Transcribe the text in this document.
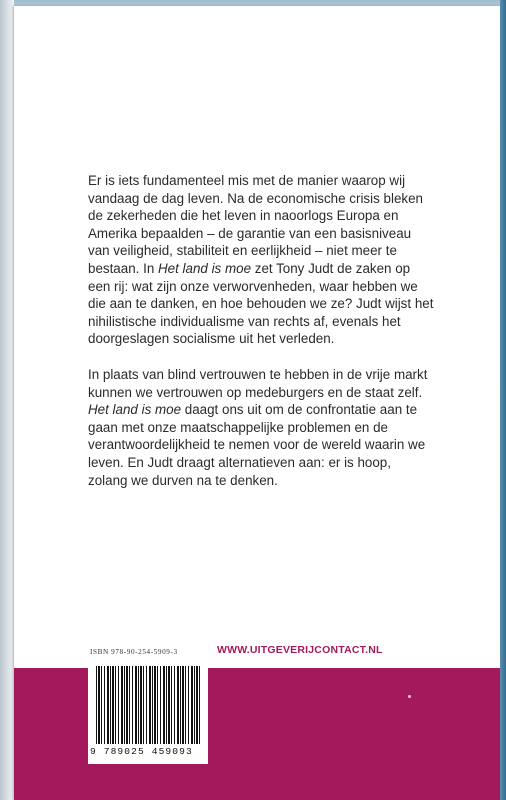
Er is iets fundamenteel mis met de manier waarop wij vandaag de dag leven. Na de economische crisis bleken de zekerheden die het leven in naoorlogs Europa en Amerika bepaalden – de garantie van een basisniveau van veiligheid, stabiliteit en eerlijkheid – niet meer te bestaan. In Het land is moe zet Tony Judt de zaken op een rij: wat zijn onze verworvenheden, waar hebben we die aan te danken, en hoe behouden we ze? Judt wijst het nihilistische individualisme van rechts af, evenals het doorgeslagen socialisme uit het verleden.

In plaats van blind vertrouwen te hebben in de vrije markt kunnen we vertrouwen op medeburgers en de staat zelf. Het land is moe daagt ons uit om de confrontatie aan te gaan met onze maatschappelijke problemen en de verantwoordelijkheid te nemen voor de wereld waarin we leven. En Judt draagt alternatieven aan: er is hoop, zolang we durven na te denken.

ISBN 978-90-254-5909-3	WWW.UITGEVERIJCONTACT.NL
9 789025 459093
